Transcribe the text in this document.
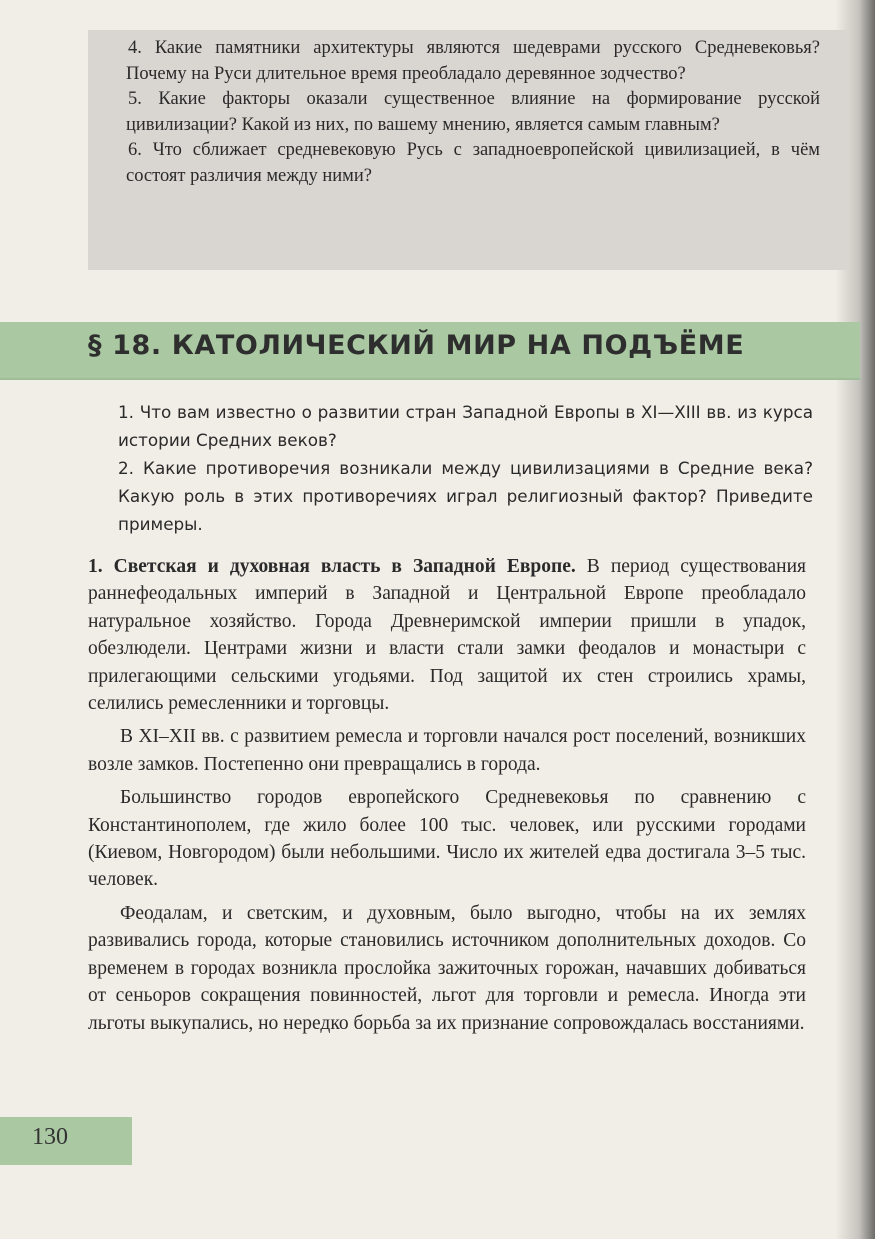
4. Какие памятники архитектуры являются шедеврами русского Средневековья? Почему на Руси длительное время преобладало деревянное зодчество?
5. Какие факторы оказали существенное влияние на формирование русской цивилизации? Какой из них, по вашему мнению, является самым главным?
6. Что сближает средневековую Русь с западноевропейской цивилизацией, в чём состоят различия между ними?
§ 18. КАТОЛИЧЕСКИЙ МИР НА ПОДЪЁМЕ
1. Что вам известно о развитии стран Западной Европы в XI—XIII вв. из курса истории Средних веков?
2. Какие противоречия возникали между цивилизациями в Средние века? Какую роль в этих противоречиях играл религиозный фактор? Приведите примеры.

1. Светская и духовная власть в Западной Европе. В период существования раннефеодальных империй в Западной и Центральной Европе преобладало натуральное хозяйство. Города Древнеримской империи пришли в упадок, обезлюдели. Центрами жизни и власти стали замки феодалов и монастыри с прилегающими сельскими угодьями. Под защитой их стен строились храмы, селились ремесленники и торговцы.

В XI–XII вв. с развитием ремесла и торговли начался рост поселений, возникших возле замков. Постепенно они превращались в города.

Большинство городов европейского Средневековья по сравнению с Константинополем, где жило более 100 тыс. человек, или русскими городами (Киевом, Новгородом) были небольшими. Число их жителей едва достигала 3–5 тыс. человек.

Феодалам, и светским, и духовным, было выгодно, чтобы на их землях развивались города, которые становились источником дополнительных доходов. Со временем в городах возникла прослойка зажиточных горожан, начавших добиваться от сеньоров сокращения повинностей, льгот для торговли и ремесла. Иногда эти льготы выкупались, но нередко борьба за их признание сопровождалась восстаниями.

130
